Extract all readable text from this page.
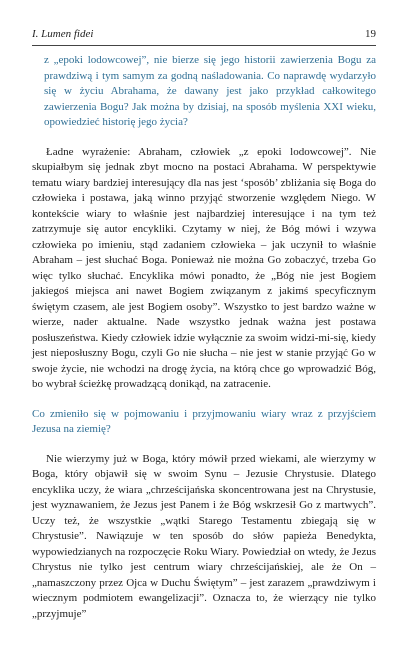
I. Lumen fidei	19

z „epoki lodowcowej”, nie bierze się jego historii zawierzenia Bogu za prawdziwą i tym samym za godną naśladowania. Co naprawdę wydarzyło się w życiu Abrahama, że dawany jest jako przykład całkowitego zawierzenia Bogu? Jak można by dzisiaj, na sposób myślenia XXI wieku, opowiedzieć historię jego życia?

Ładne wyrażenie: Abraham, człowiek „z epoki lodowcowej”. Nie skupiałbym się jednak zbyt mocno na postaci Abrahama. W perspektywie tematu wiary bardziej interesujący dla nas jest ‘sposób’ zbliżania się Boga do człowieka i postawa, jaką winno przyjąć stworzenie względem Niego. W kontekście wiary to właśnie jest najbardziej interesujące i na tym też zatrzymuje się autor encykliki. Czytamy w niej, że Bóg mówi i wzywa człowieka po imieniu, stąd zadaniem człowieka – jak uczynił to właśnie Abraham – jest słuchać Boga. Ponieważ nie można Go zobaczyć, trzeba Go więc tylko słuchać. Encyklika mówi ponadto, że „Bóg nie jest Bogiem jakiegoś miejsca ani nawet Bogiem związanym z jakimś specyficznym świętym czasem, ale jest Bogiem osoby”. Wszystko to jest bardzo ważne w wierze, nader aktualne. Nade wszystko jednak ważna jest postawa posłuszeństwa. Kiedy człowiek idzie wyłącznie za swoim widzi-mi-się, kiedy jest nieposłuszny Bogu, czyli Go nie słucha – nie jest w stanie przyjąć Go w swoje życie, nie wchodzi na drogę życia, na którą chce go wprowadzić Bóg, bo wybrał ścieżkę prowadzącą donikąd, na zatracenie.

Co zmieniło się w pojmowaniu i przyjmowaniu wiary wraz z przyjściem Jezusa na ziemię?

Nie wierzymy już w Boga, który mówił przed wiekami, ale wierzymy w Boga, który objawił się w swoim Synu – Jezusie Chrystusie. Dlatego encyklika uczy, że wiara „chrześcijańska skoncentrowana jest na Chrystusie, jest wyznawaniem, że Jezus jest Panem i że Bóg wskrzesił Go z martwych”. Uczy też, że wszystkie „wątki Starego Testamentu zbiegają się w Chrystusie”. Nawiązuje w ten sposób do słów papieża Benedykta, wypowiedzianych na rozpoczęcie Roku Wiary. Powiedział on wtedy, że Jezus Chrystus nie tylko jest centrum wiary chrześcijańskiej, ale że On – „namaszczony przez Ojca w Duchu Świętym” – jest zarazem „prawdziwym i wiecznym podmiotem ewangelizacji”. Oznacza to, że wierzący nie tylko „przyjmuje”
